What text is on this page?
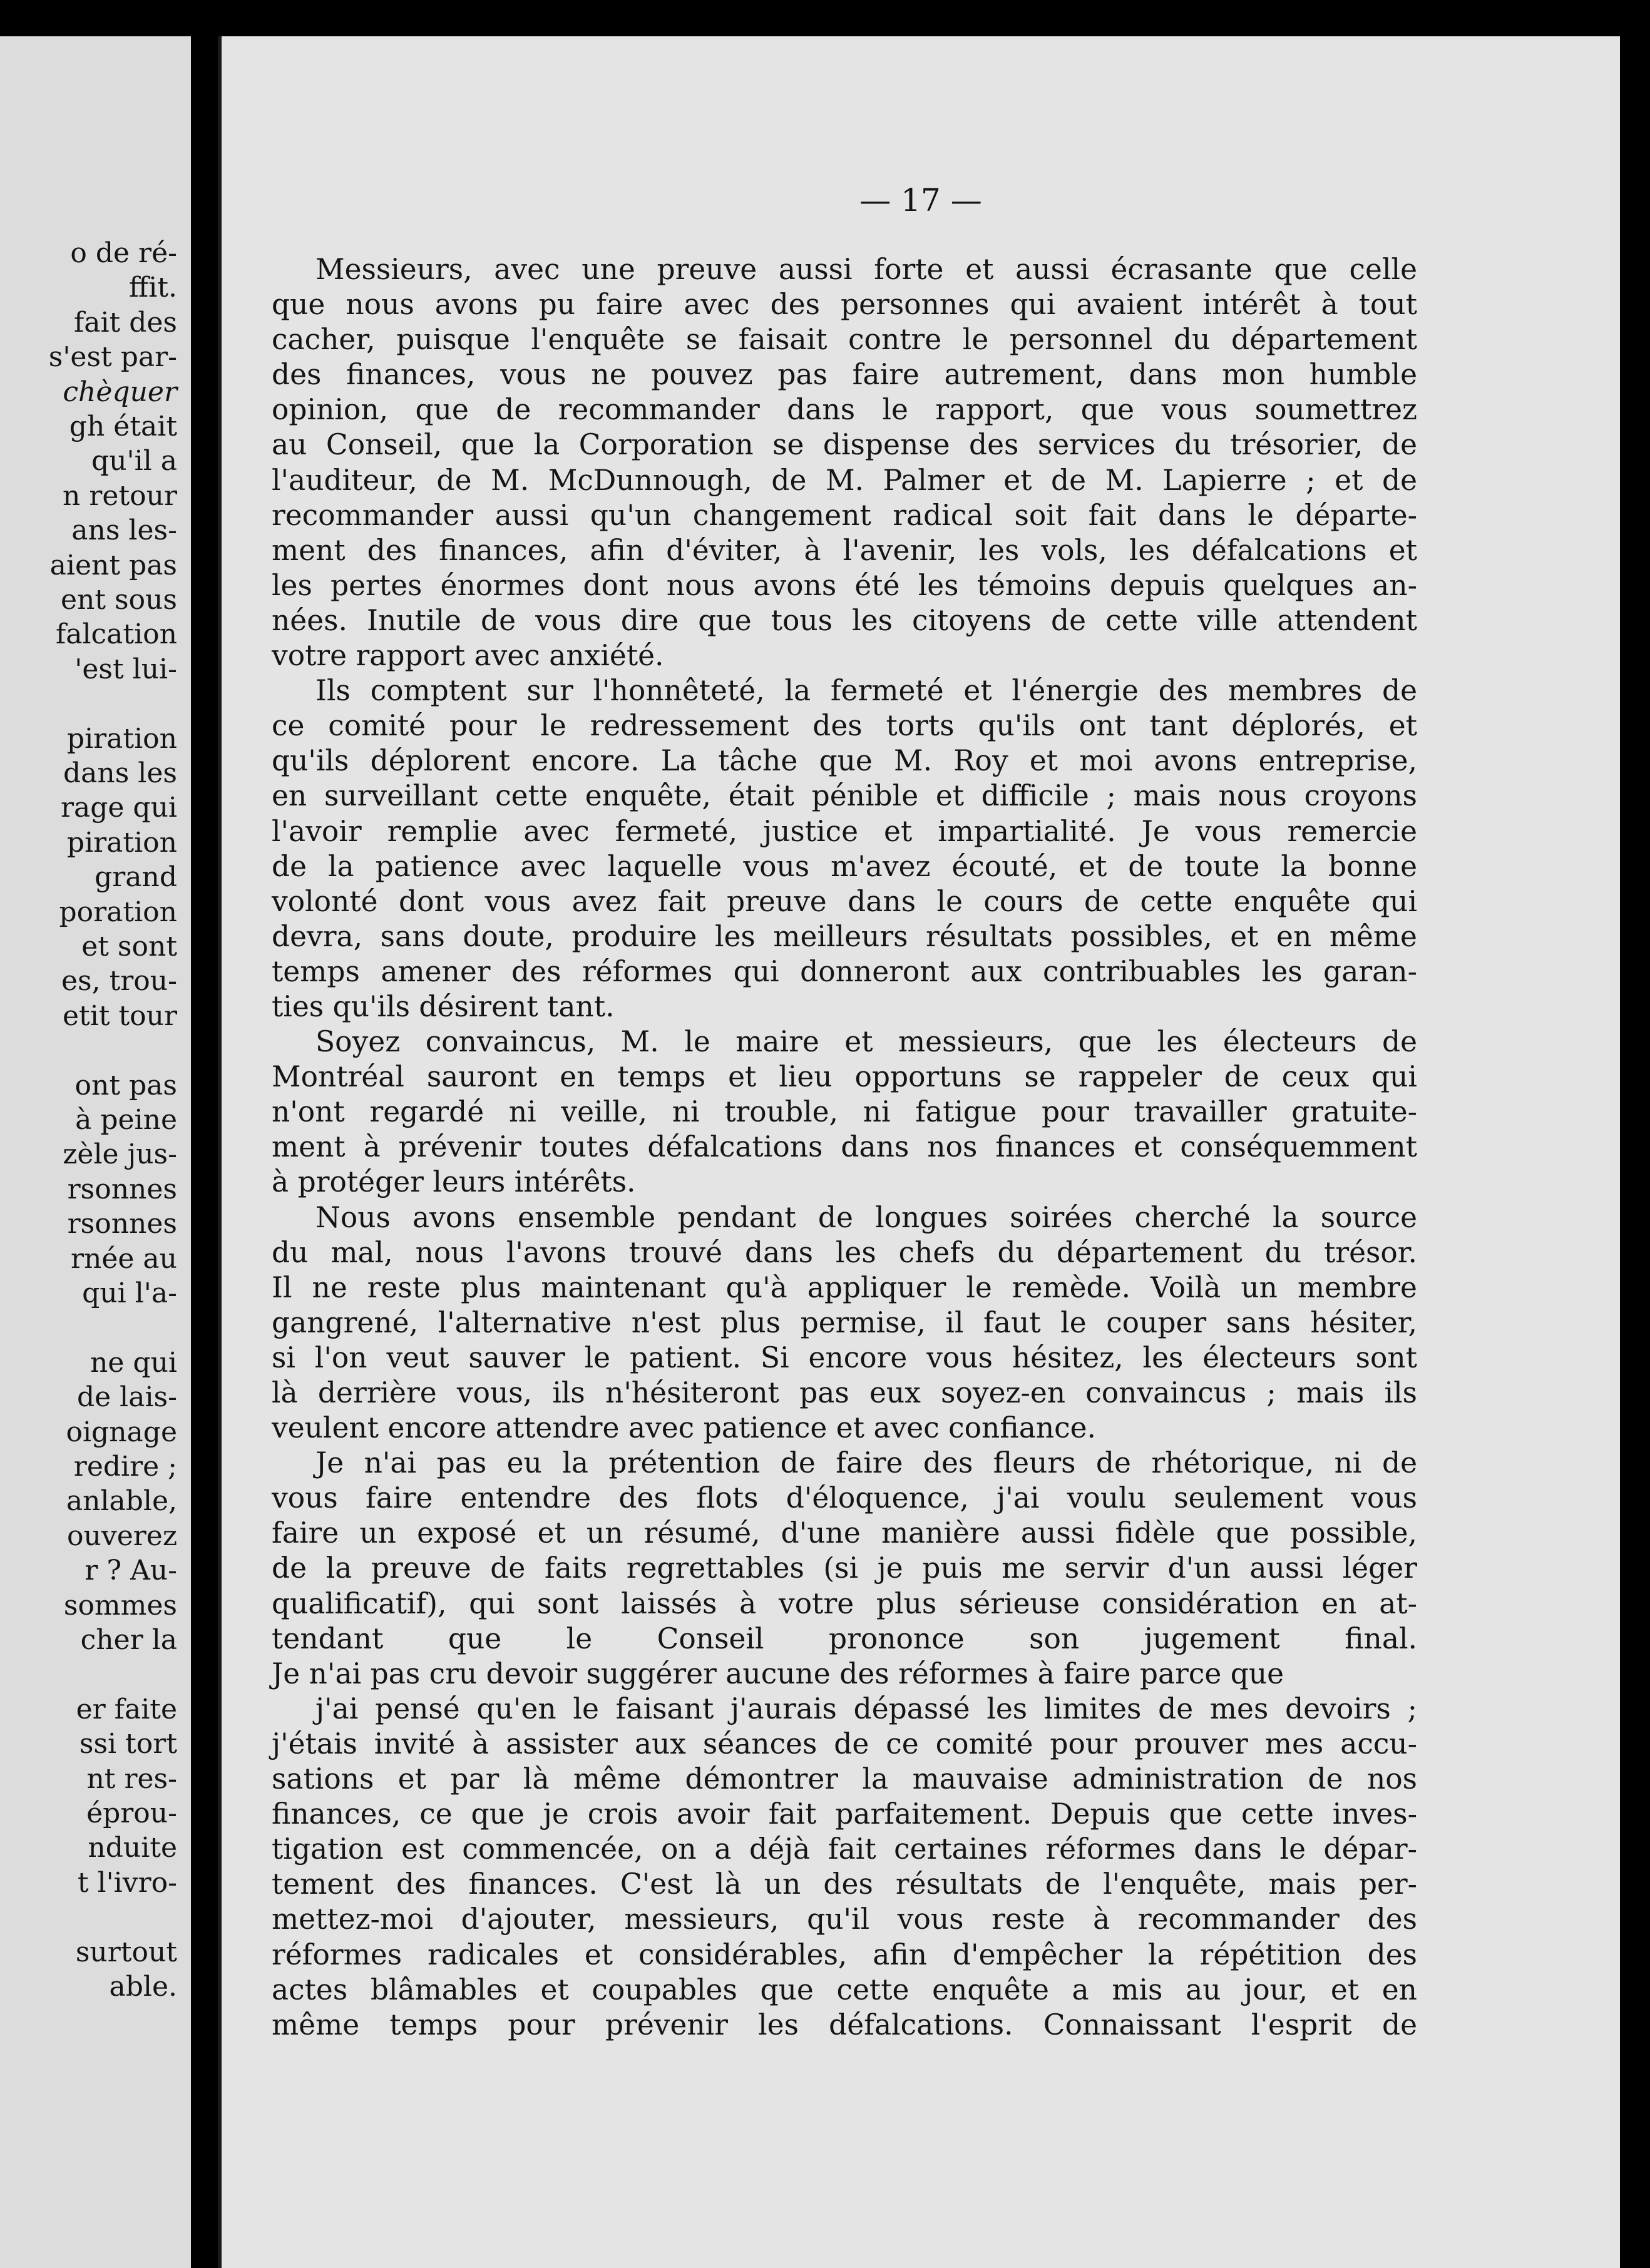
o de ré-
ffit.
fait des
s'est par-
chèquer
gh était
qu'il a
n retour
ans les-
aient pas
ent sous
falcation
'est lui-
piration
dans les
rage qui
piration
grand
poration
et sont
es, trou-
etit tour
ont pas
à peine
zèle jus-
rsonnes
rsonnes
rnée au
qui l'a-
ne qui
de lais-
oignage
redire ;
anlable,
ouverez
r ? Au-
sommes
cher la
er faite
ssi tort
nt res-
éprou-
nduite
t l'ivro-
surtout
able.
— 17 —
Messieurs, avec une preuve aussi forte et aussi écrasante que celle
que nous avons pu faire avec des personnes qui avaient intérêt à tout
cacher, puisque l'enquête se faisait contre le personnel du département
des finances, vous ne pouvez pas faire autrement, dans mon humble
opinion, que de recommander dans le rapport, que vous soumettrez
au Conseil, que la Corporation se dispense des services du trésorier, de
l'auditeur, de M. McDunnough, de M. Palmer et de M. Lapierre ; et de
recommander aussi qu'un changement radical soit fait dans le départe-
ment des finances, afin d'éviter, à l'avenir, les vols, les défalcations et
les pertes énormes dont nous avons été les témoins depuis quelques an-
nées. Inutile de vous dire que tous les citoyens de cette ville attendent
votre rapport avec anxiété.
Ils comptent sur l'honnêteté, la fermeté et l'énergie des membres de
ce comité pour le redressement des torts qu'ils ont tant déplorés, et
qu'ils déplorent encore. La tâche que M. Roy et moi avons entreprise,
en surveillant cette enquête, était pénible et difficile ; mais nous croyons
l'avoir remplie avec fermeté, justice et impartialité. Je vous remercie
de la patience avec laquelle vous m'avez écouté, et de toute la bonne
volonté dont vous avez fait preuve dans le cours de cette enquête qui
devra, sans doute, produire les meilleurs résultats possibles, et en même
temps amener des réformes qui donneront aux contribuables les garan-
ties qu'ils désirent tant.
Soyez convaincus, M. le maire et messieurs, que les électeurs de
Montréal sauront en temps et lieu opportuns se rappeler de ceux qui
n'ont regardé ni veille, ni trouble, ni fatigue pour travailler gratuite-
ment à prévenir toutes défalcations dans nos finances et conséquemment
à protéger leurs intérêts.
Nous avons ensemble pendant de longues soirées cherché la source
du mal, nous l'avons trouvé dans les chefs du département du trésor.
Il ne reste plus maintenant qu'à appliquer le remède. Voilà un membre
gangrené, l'alternative n'est plus permise, il faut le couper sans hésiter,
si l'on veut sauver le patient. Si encore vous hésitez, les électeurs sont
là derrière vous, ils n'hésiteront pas eux soyez-en convaincus ; mais ils
veulent encore attendre avec patience et avec confiance.
Je n'ai pas eu la prétention de faire des fleurs de rhétorique, ni de
vous faire entendre des flots d'éloquence, j'ai voulu seulement vous
faire un exposé et un résumé, d'une manière aussi fidèle que possible,
de la preuve de faits regrettables (si je puis me servir d'un aussi léger
qualificatif), qui sont laissés à votre plus sérieuse considération en at-
tendant que le Conseil prononce son jugement final.
Je n'ai pas cru devoir suggérer aucune des réformes à faire parce que
j'ai pensé qu'en le faisant j'aurais dépassé les limites de mes devoirs ;
j'étais invité à assister aux séances de ce comité pour prouver mes accu-
sations et par là même démontrer la mauvaise administration de nos
finances, ce que je crois avoir fait parfaitement. Depuis que cette inves-
tigation est commencée, on a déjà fait certaines réformes dans le dépar-
tement des finances. C'est là un des résultats de l'enquête, mais per-
mettez-moi d'ajouter, messieurs, qu'il vous reste à recommander des
réformes radicales et considérables, afin d'empêcher la répétition des
actes blâmables et coupables que cette enquête a mis au jour, et en
même temps pour prévenir les défalcations. Connaissant l'esprit de
